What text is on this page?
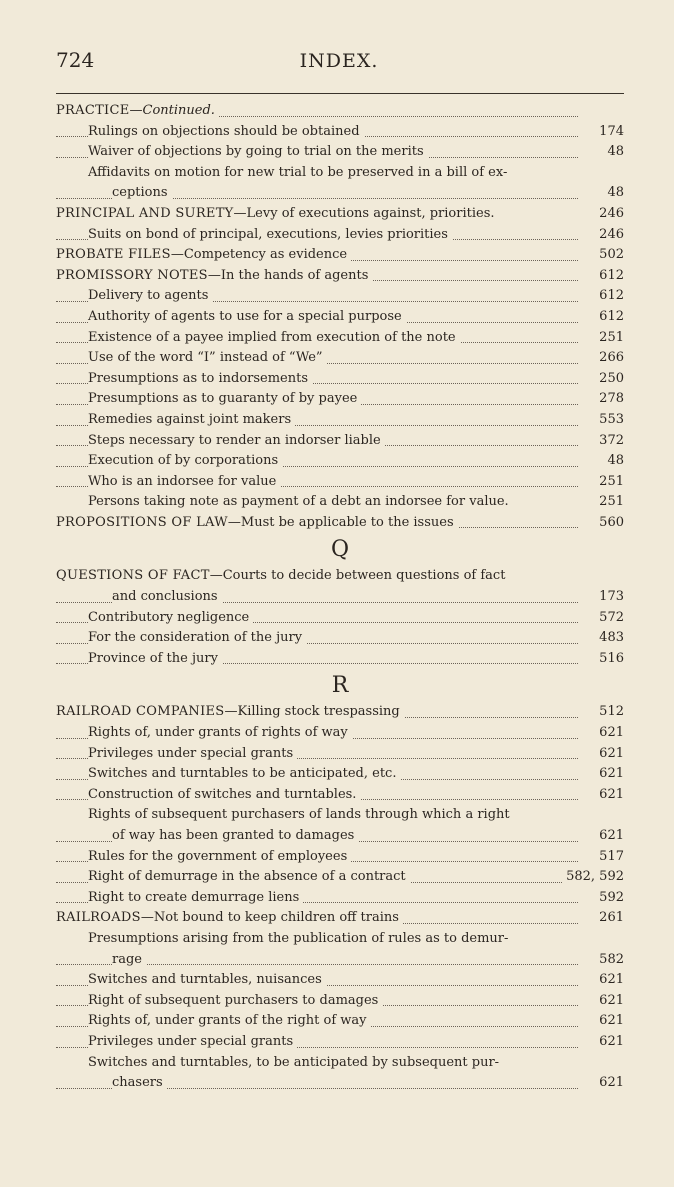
724	INDEX.
PRACTICE—Continued.
Rulings on objections should be obtained	174
Waiver of objections by going to trial on the merits	48
Affidavits on motion for new trial to be preserved in a bill of ex-
ceptions	48
PRINCIPAL AND SURETY—Levy of executions against, priorities.	246
Suits on bond of principal, executions, levies priorities	246
PROBATE FILES—Competency as evidence	502
PROMISSORY NOTES—In the hands of agents	612
Delivery to agents	612
Authority of agents to use for a special purpose	612
Existence of a payee implied from execution of the note	251
Use of the word “I” instead of “We”	266
Presumptions as to indorsements	250
Presumptions as to guaranty of by payee	278
Remedies against joint makers	553
Steps necessary to render an indorser liable	372
Execution of by corporations	48
Who is an indorsee for value	251
Persons taking note as payment of a debt an indorsee for value.	251
PROPOSITIONS OF LAW—Must be applicable to the issues	560
Q
QUESTIONS OF FACT—Courts to decide between questions of fact
and conclusions	173
Contributory negligence	572
For the consideration of the jury	483
Province of the jury	516
R
RAILROAD COMPANIES—Killing stock trespassing	512
Rights of, under grants of rights of way	621
Privileges under special grants	621
Switches and turntables to be anticipated, etc.	621
Construction of switches and turntables.	621
Rights of subsequent purchasers of lands through which a right
of way has been granted to damages	621
Rules for the government of employees	517
Right of demurrage in the absence of a contract	582, 592
Right to create demurrage liens	592
RAILROADS—Not bound to keep children off trains	261
Presumptions arising from the publication of rules as to demur-
rage	582
Switches and turntables, nuisances	621
Right of subsequent purchasers to damages	621
Rights of, under grants of the right of way	621
Privileges under special grants	621
Switches and turntables, to be anticipated by subsequent pur-
chasers	621
